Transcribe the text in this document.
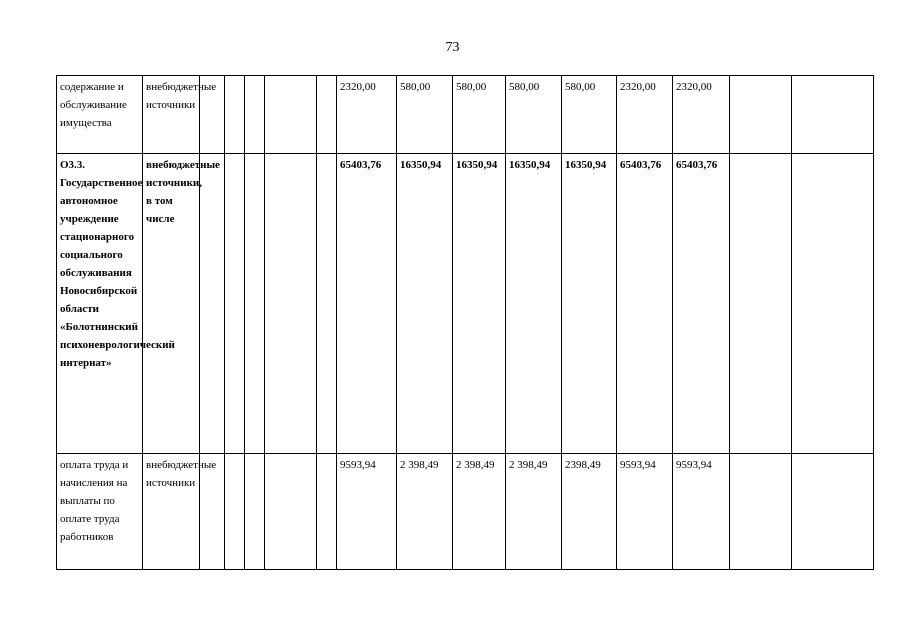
73
содержание и обслуживание имущества	внебюджетные источники						2320,00	580,00	580,00	580,00	580,00	2320,00	2320,00		
О3.3. Государственное автономное учреждение стационарного социального обслуживания Новосибирской области «Болотнинский психоневрологический интернат»	внебюджетные источники, в том числе						65403,76	16350,94	16350,94	16350,94	16350,94	65403,76	65403,76		
оплата труда и начисления на выплаты по оплате труда работников	внебюджетные источники						9593,94	2 398,49	2 398,49	2 398,49	2398,49	9593,94	9593,94		
